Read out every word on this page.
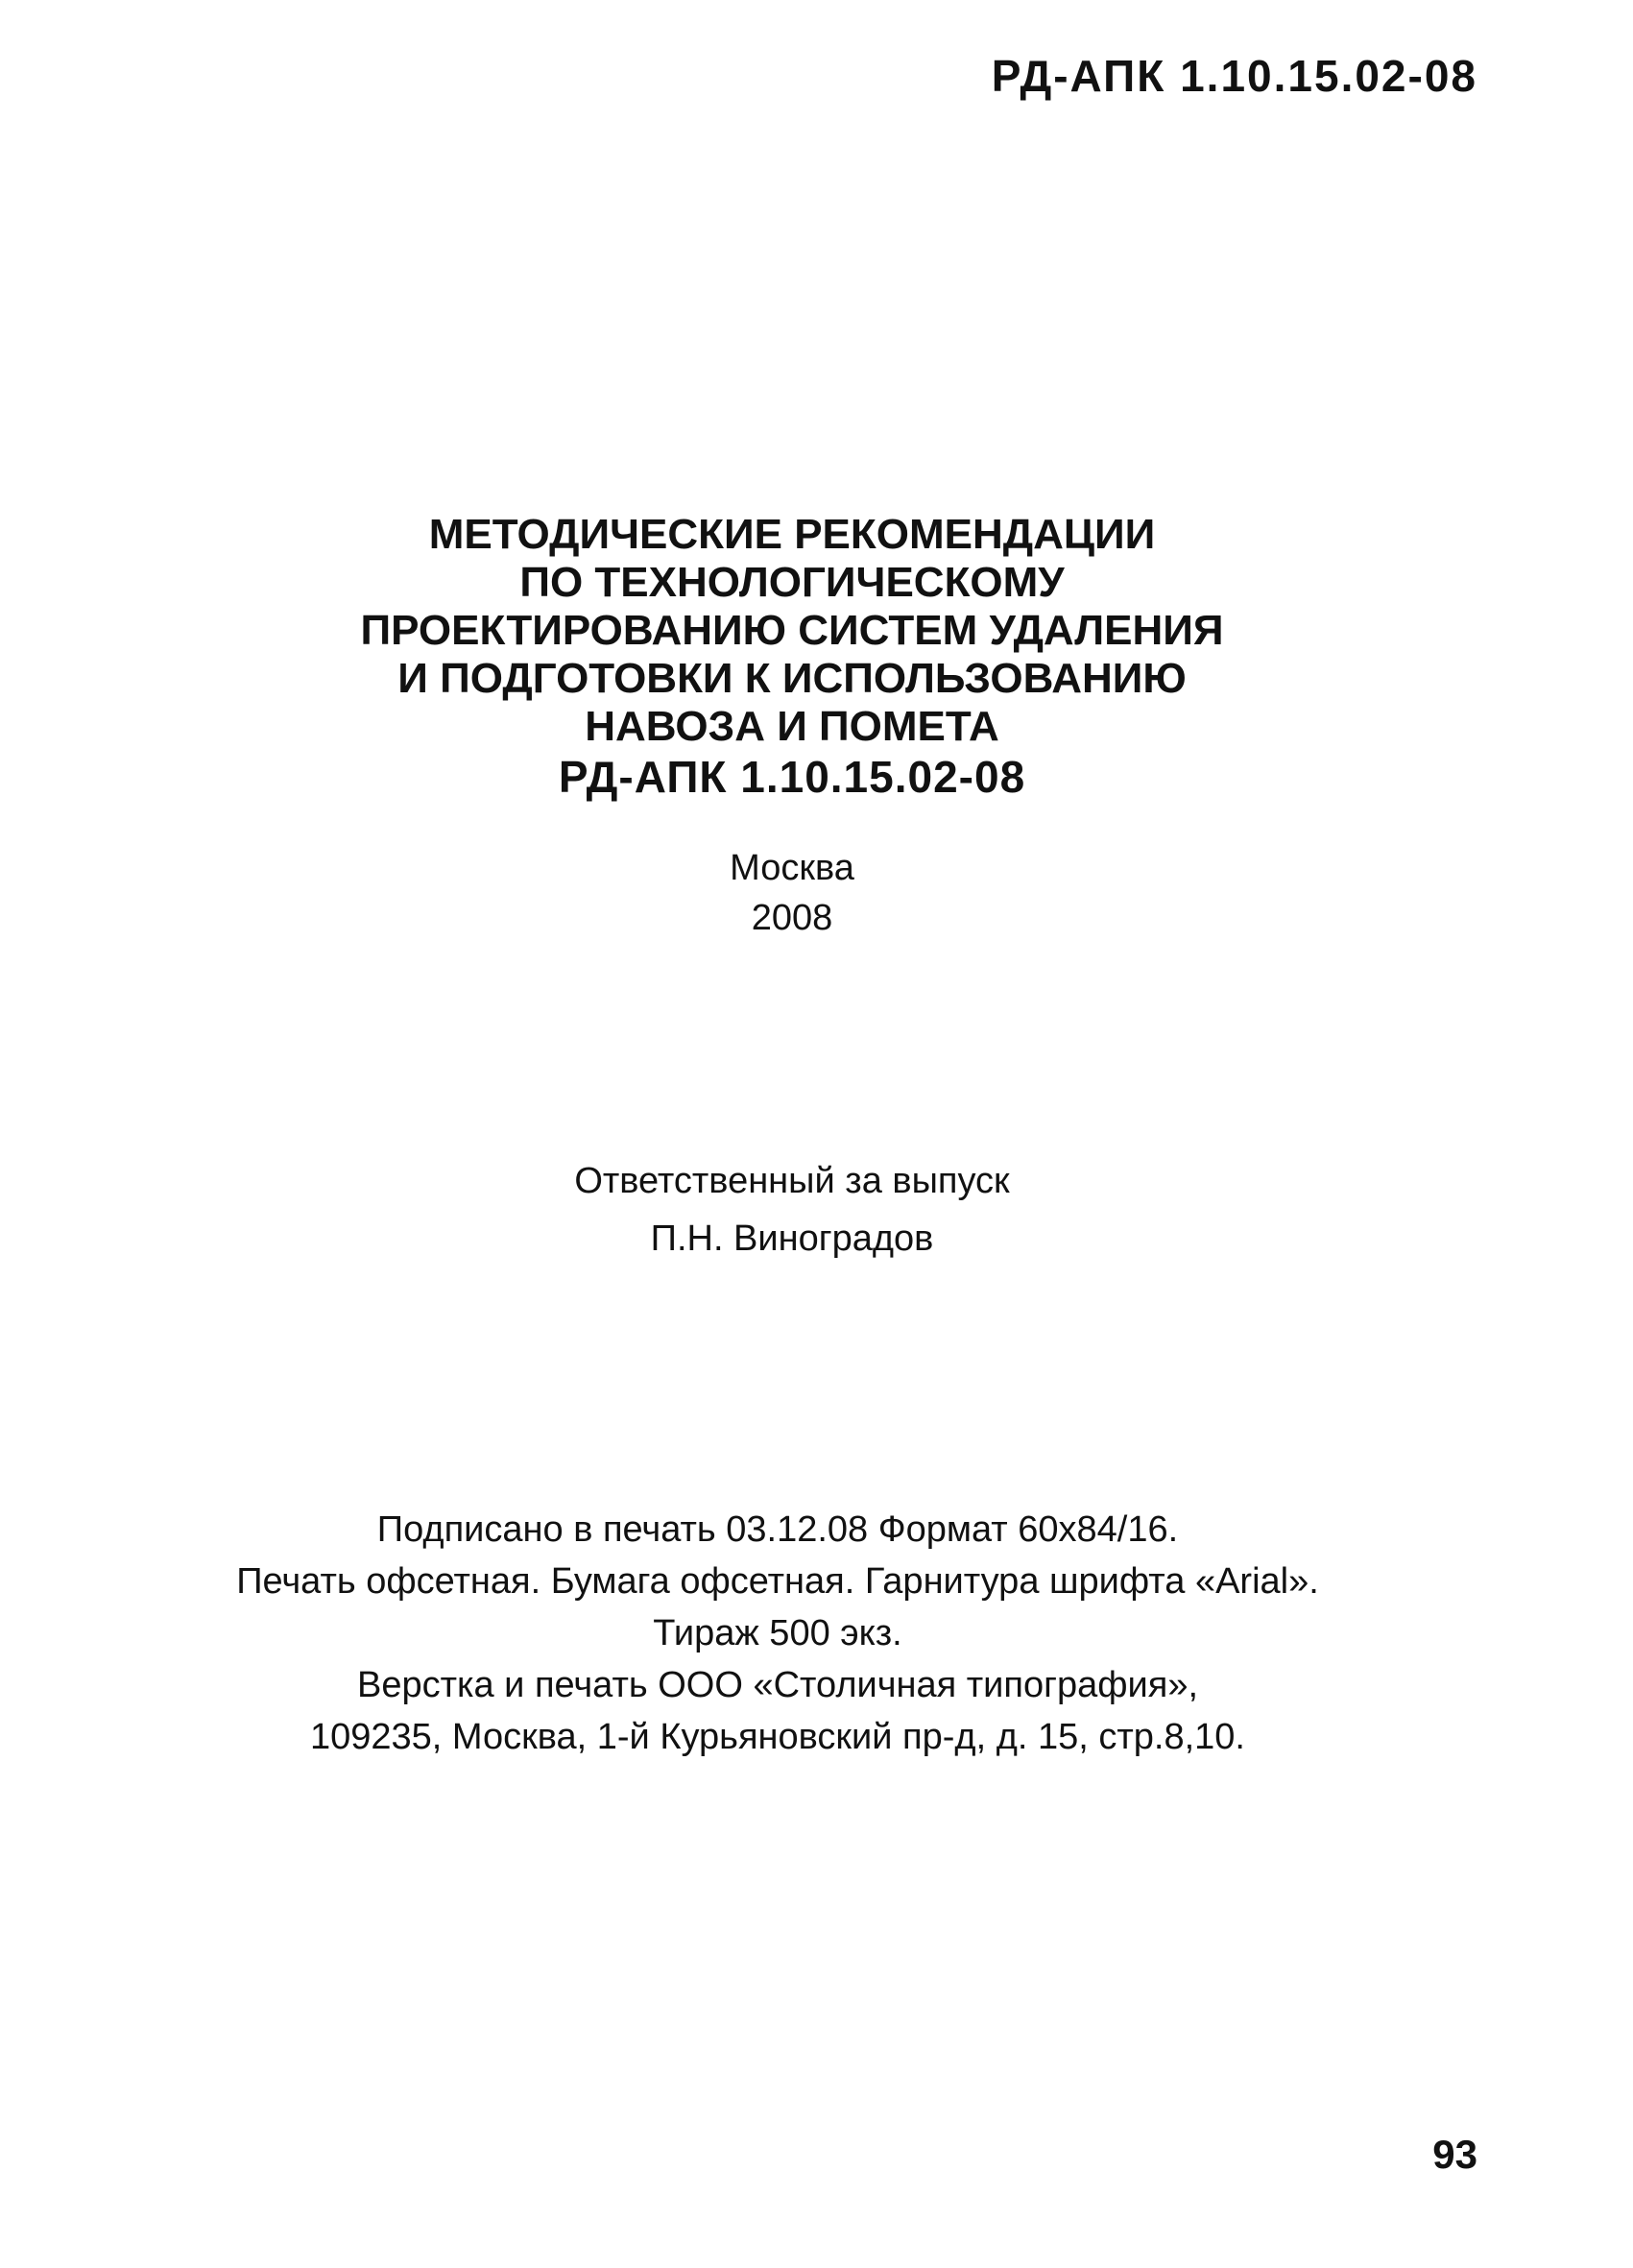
РД-АПК 1.10.15.02-08
МЕТОДИЧЕСКИЕ РЕКОМЕНДАЦИИ
ПО ТЕХНОЛОГИЧЕСКОМУ
ПРОЕКТИРОВАНИЮ СИСТЕМ УДАЛЕНИЯ
И ПОДГОТОВКИ К ИСПОЛЬЗОВАНИЮ
НАВОЗА И ПОМЕТА
РД-АПК 1.10.15.02-08
Москва
2008
Ответственный за выпуск
П.Н. Виноградов
Подписано в печать 03.12.08 Формат 60x84/16.
Печать офсетная. Бумага офсетная. Гарнитура шрифта «Arial».
Тираж 500 экз.
Верстка и печать ООО «Столичная типография»,
109235, Москва, 1-й Курьяновский пр-д, д. 15, стр.8,10.
93
